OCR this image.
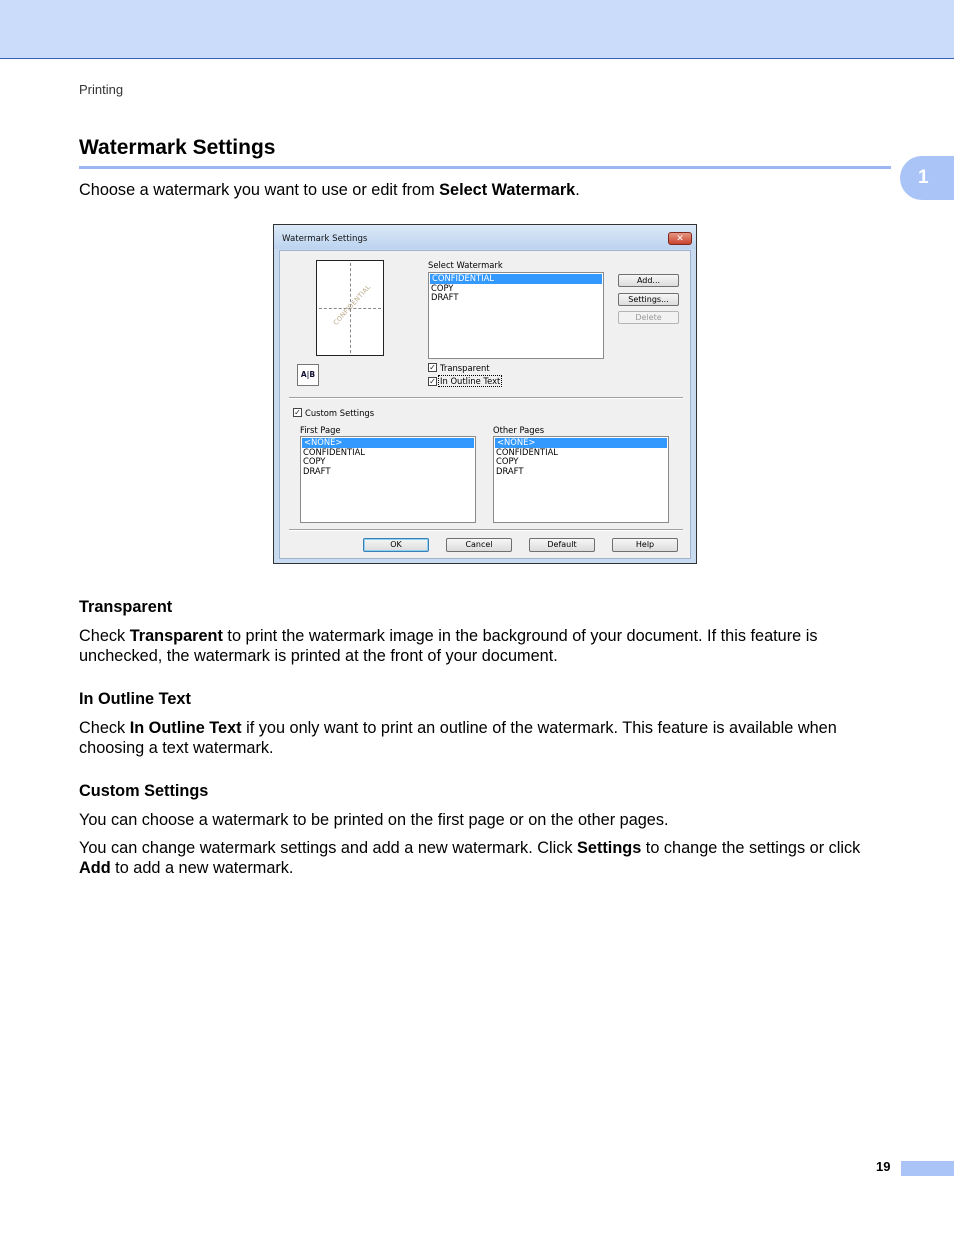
Printing
Watermark Settings
1

Choose a watermark you want to use or edit from Select Watermark.

Watermark Settings	✕
CONFIDENTIAL
A|B
Select Watermark
CONFIDENTIAL
COPY
DRAFT
Add...
Settings...
Delete
✓ Transparent
✓ In Outline Text
✓ Custom Settings
First Page
<NONE>
CONFIDENTIAL
COPY
DRAFT
Other Pages
<NONE>
CONFIDENTIAL
COPY
DRAFT
OK	Cancel	Default	Help
Transparent

Check Transparent to print the watermark image in the background of your document. If this feature is unchecked, the watermark is printed at the front of your document.

In Outline Text

Check In Outline Text if you only want to print an outline of the watermark. This feature is available when choosing a text watermark.

Custom Settings

You can choose a watermark to be printed on the first page or on the other pages.

You can change watermark settings and add a new watermark. Click Settings to change the settings or click Add to add a new watermark.

19
